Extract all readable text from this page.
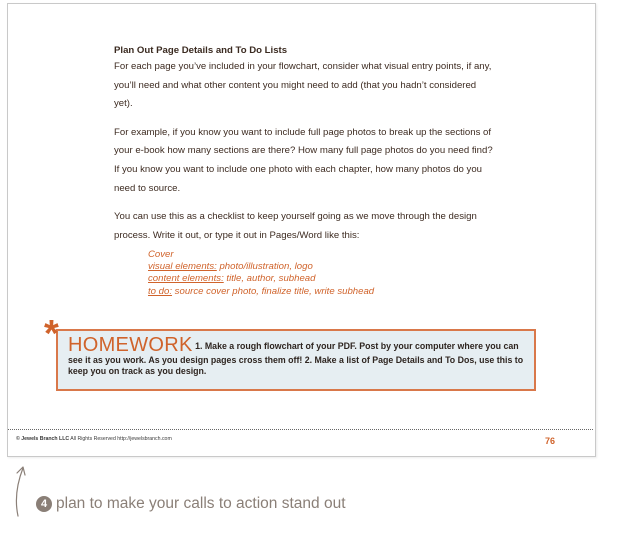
Plan Out Page Details and To Do Lists

For each page you’ve included in your flowchart, consider what visual entry points, if any, you’ll need and what other content you might need to add (that you hadn’t considered yet).

For example, if you know you want to include full page photos to break up the sections of your e-book how many sections are there? How many full page photos do you need find? If you know you want to include one photo with each chapter, how many photos do you need to source.

You can use this as a checklist to keep yourself going as we move through the design process. Write it out, or type it out in Pages/Word like this:

Cover
visual elements: photo/illustration, logo
content elements: title, author, subhead
to do: source cover photo, finalize title, write subhead
HOMEWORK 1. Make a rough flowchart of your PDF. Post by your computer where you can see it as you work. As you design pages cross them off! 2. Make a list of Page Details and To Dos, use this to keep you on track as you design.
*
© Jewels Branch LLC All Rights Reserved http://jewelsbranch.com	76
4 plan to make your calls to action stand out
